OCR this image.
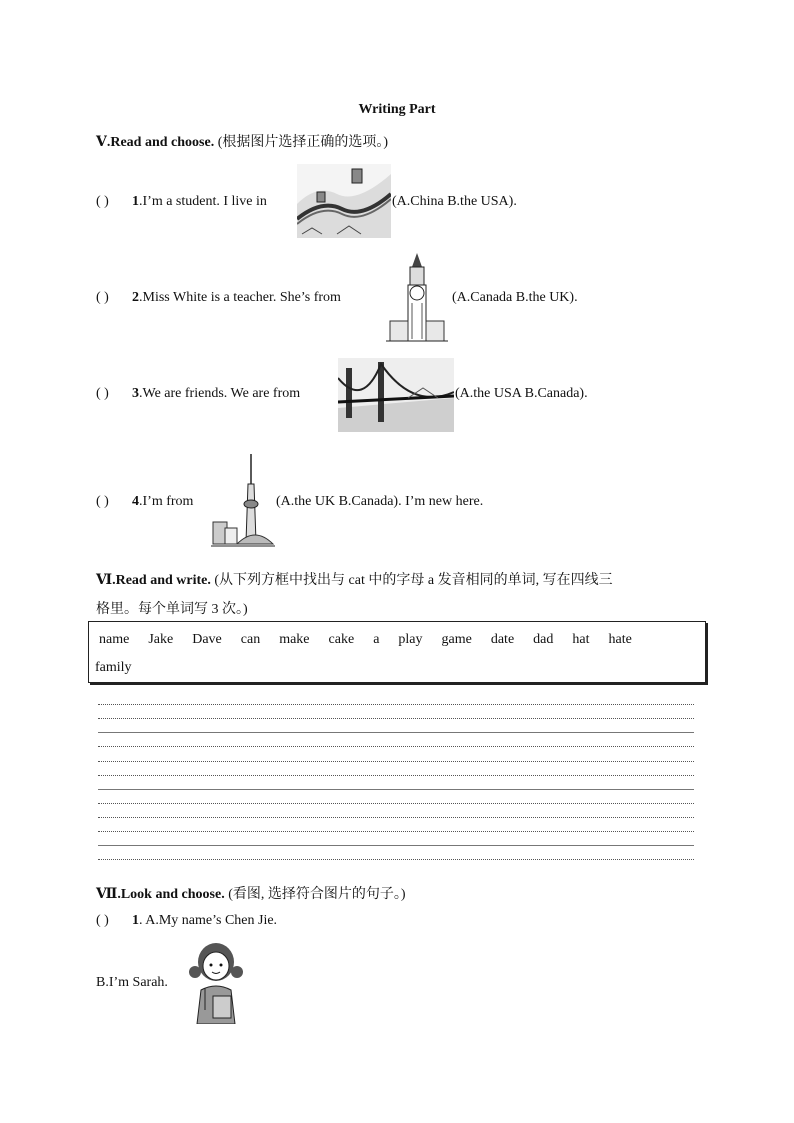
Writing Part
Ⅴ.Read and choose. (根据图片选择正确的选项。)
( ) 1.I’m a student. I live in	(A.China B.the USA).
( ) 2.Miss White is a teacher. She’s from	(A.Canada B.the UK).
( ) 3.We are friends. We are from	(A.the USA B.Canada).
( ) 4.I’m from	(A.the UK B.Canada). I’m new here.
Ⅵ.Read and write. (从下列方框中找出与 cat 中的字母 a 发音相同的单词, 写在四线三
格里。每个单词写 3 次。)
name Jake Dave can make cake a play game date dad hat hate
family
Ⅶ.Look and choose. (看图, 选择符合图片的句子。)
( ) 1. A.My name’s Chen Jie.
B.I’m Sarah.
